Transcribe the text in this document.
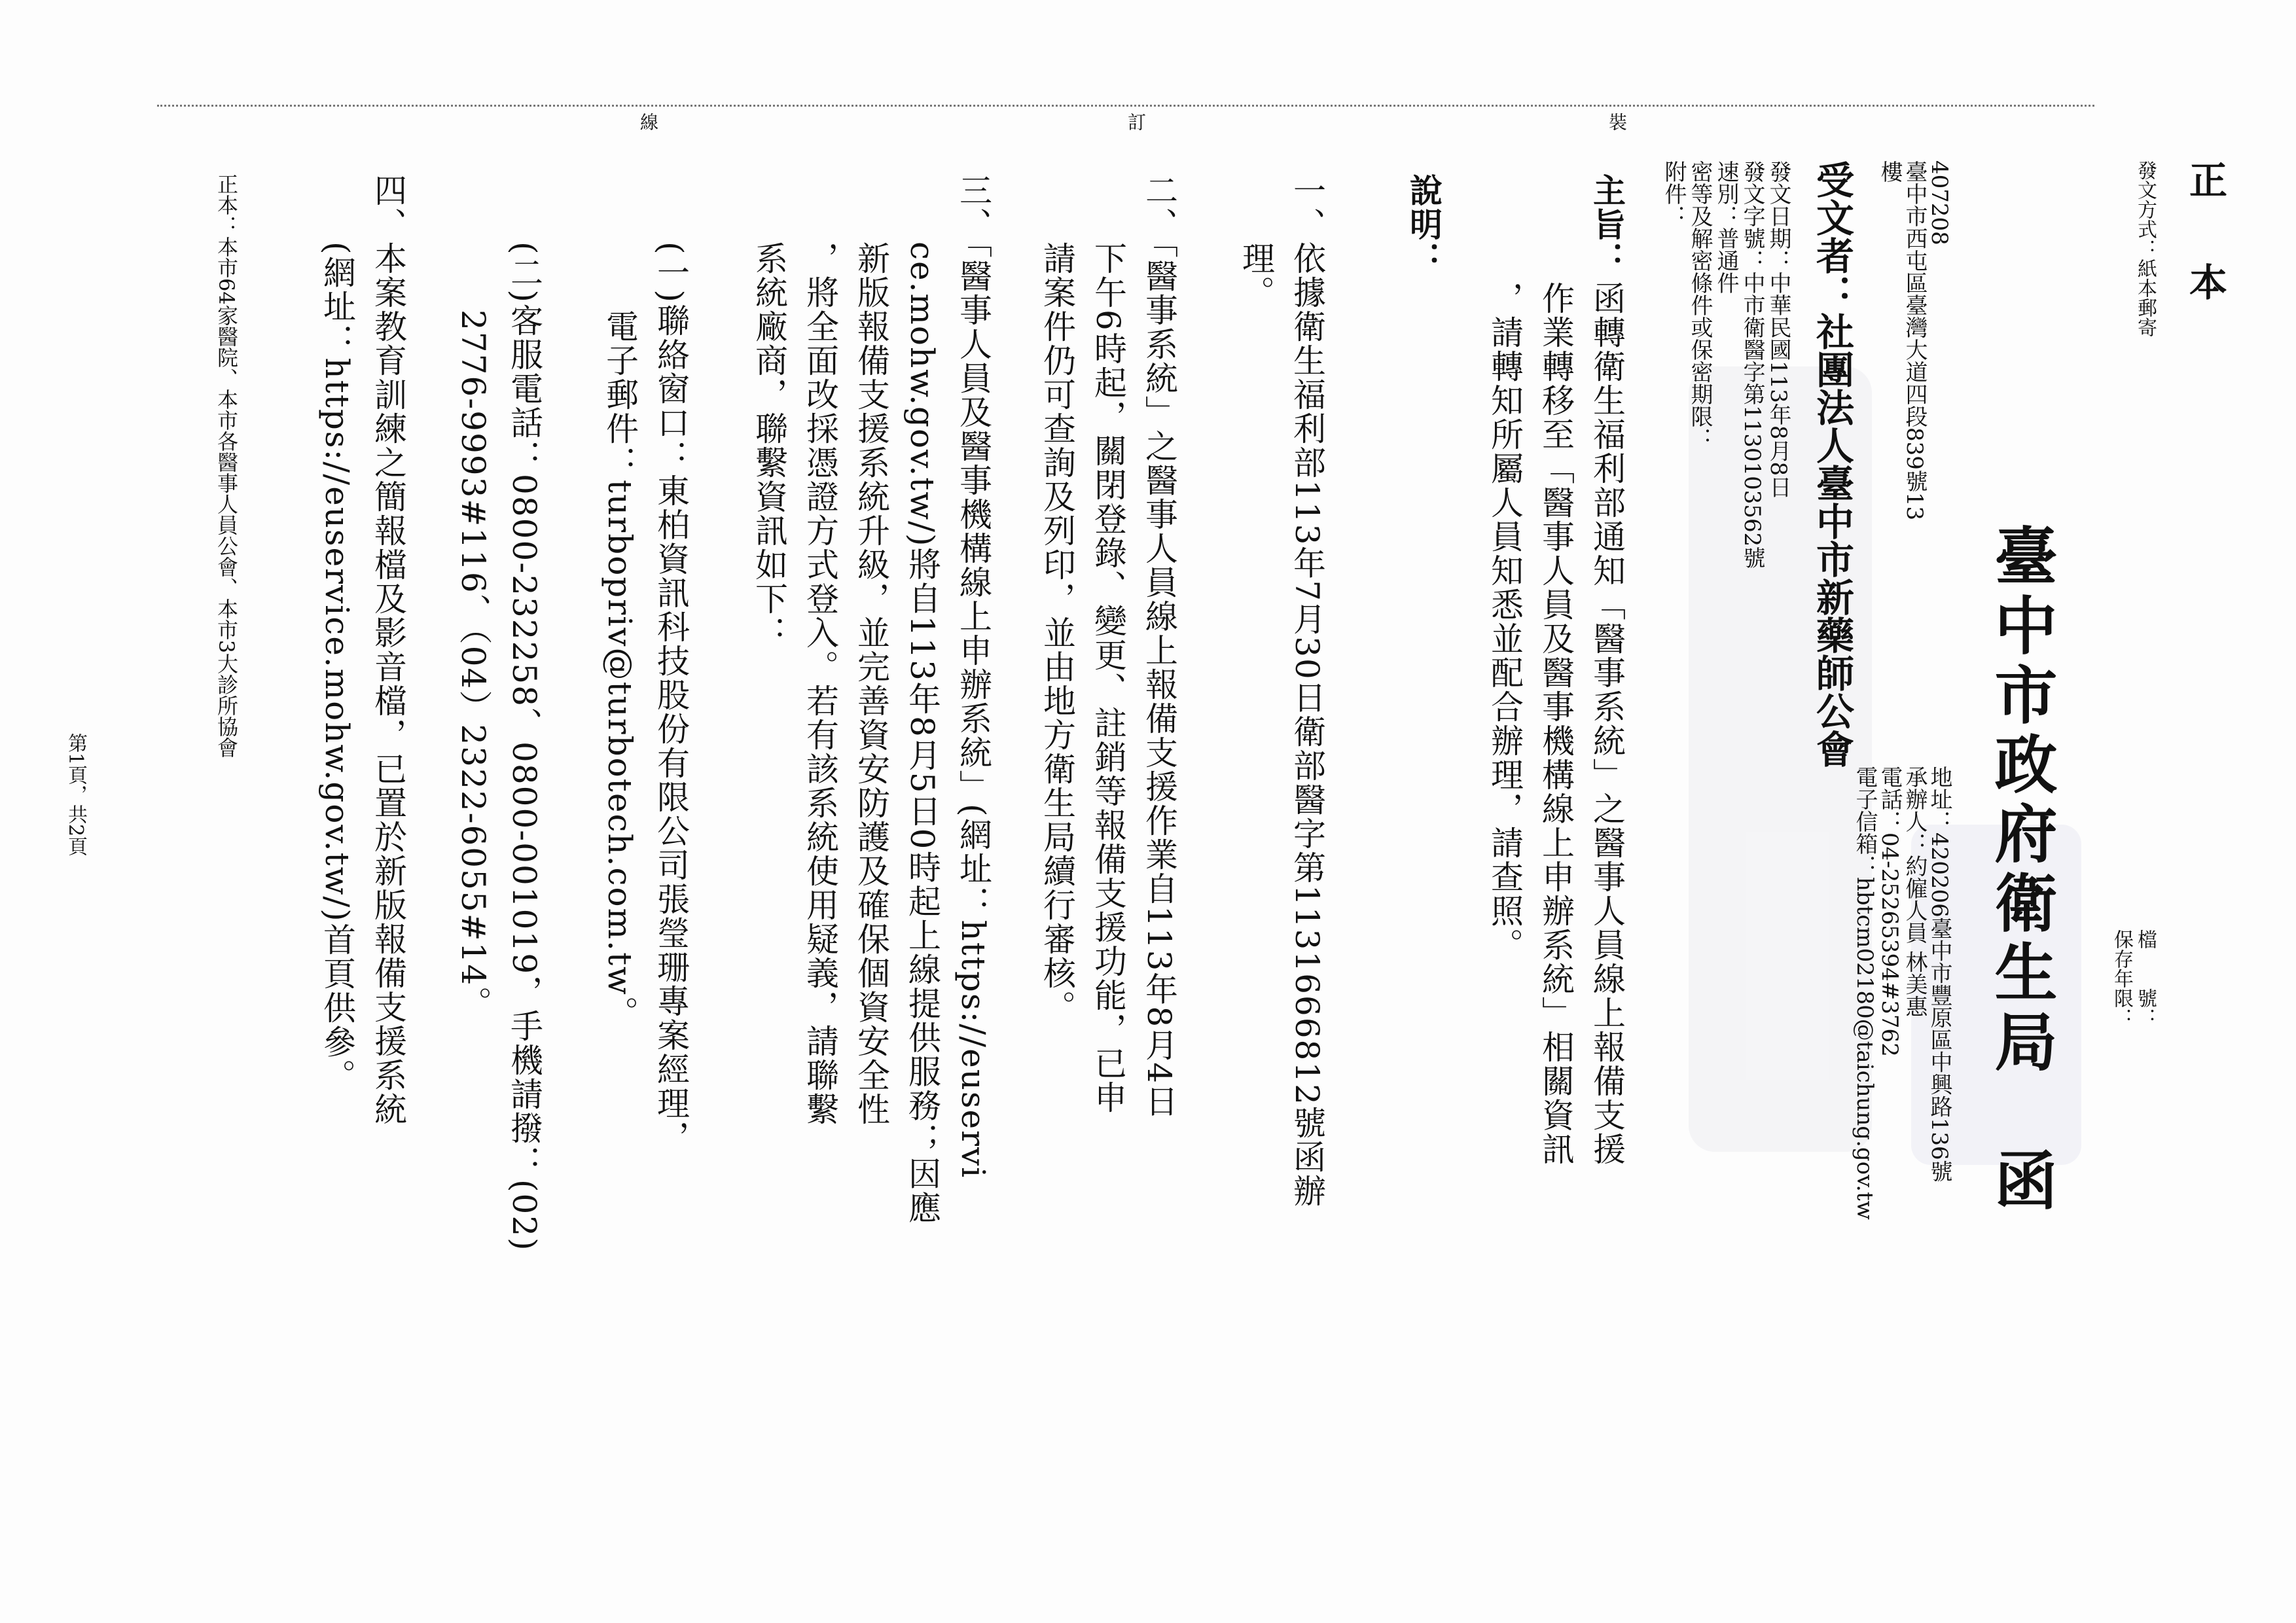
裝
訂
線
正　本
發文方式：紙本郵寄
檔　　號：
保存年限：
臺中市政府衛生局　函
地址：420206臺中市豐原區中興路136號
承辦人：約僱人員 林美惠
電話：04-25265394#3762
電子信箱：hbtcm02180@taichung.gov.tw
407208
臺中市西屯區臺灣大道四段839號13
樓
受文者：社團法人臺中市新藥師公會
發文日期：中華民國113年8月8日
發文字號：中市衛醫字第1130103562號
速別：普通件
密等及解密條件或保密期限：
附件：
主旨：
函轉衛生福利部通知「醫事系統」之醫事人員線上報備支援
作業轉移至「醫事人員及醫事機構線上申辦系統」相關資訊
，請轉知所屬人員知悉並配合辦理，請查照。
說明：
一、依據衛生福利部113年7月30日衛部醫字第1131666812號函辦
　　理。
二、「醫事系統」之醫事人員線上報備支援作業自113年8月4日
　　下午6時起，關閉登錄、變更、註銷等報備支援功能，已申
　　請案件仍可查詢及列印，並由地方衛生局續行審核。
三、「醫事人員及醫事機構線上申辦系統」(網址：https://euservi
　　ce.mohw.gov.tw/)將自113年8月5日0時起上線提供服務；因應
　　新版報備支援系統升級，並完善資安防護及確保個資安全性
　　，將全面改採憑證方式登入。若有該系統使用疑義，請聯繫
　　系統廠商，聯繫資訊如下：
　　(一)聯絡窗口：東柏資訊科技股份有限公司張瑩珊專案經理，
　　　　電子郵件：turbopriv@turbotech.com.tw。
　　(二)客服電話：0800-232258、0800-001019，手機請撥：(02)
　　　　2776-9993#116、（04）2322-6055#14。
四、本案教育訓練之簡報檔及影音檔，已置於新版報備支援系統
　　(網址：https://euservice.mohw.gov.tw/)首頁供參。
正本：本市64家醫院、本市各醫事人員公會、本市3大診所協會
第1頁，共2頁
